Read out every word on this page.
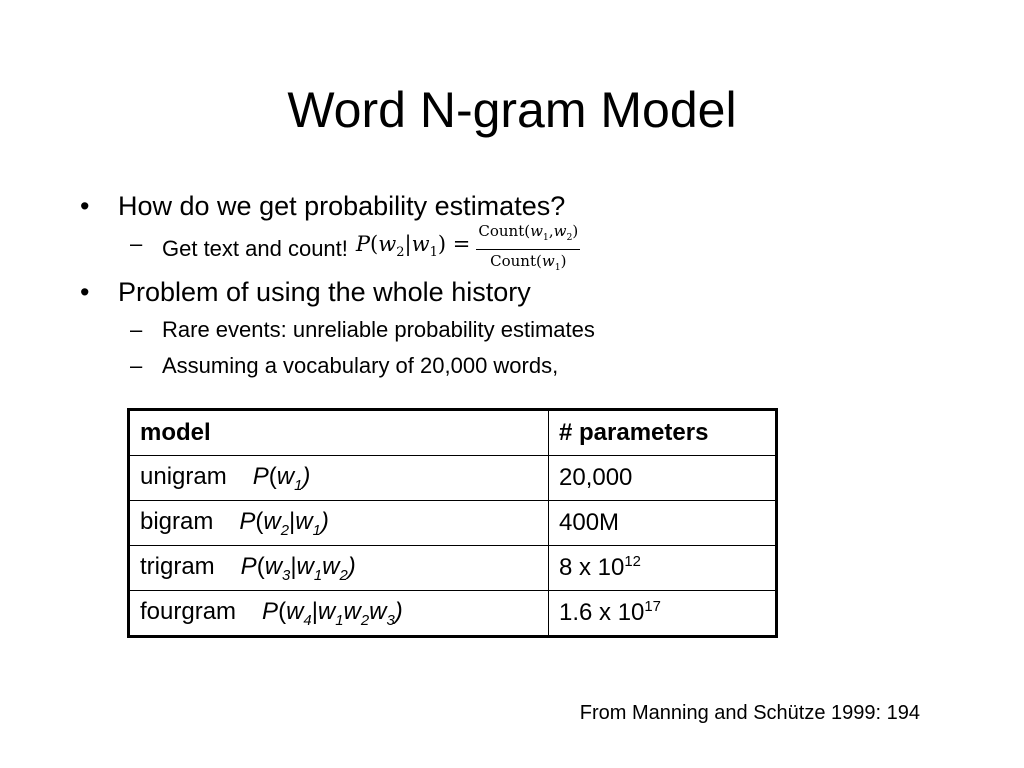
Word N-gram Model
• How do we get probability estimates?
– Get text and count! $P(w_2|w_1) = \frac{Count(w_1,w_2)}{Count(w_1)}$
• Problem of using the whole history
– Rare events: unreliable probability estimates
– Assuming a vocabulary of 20,000 words,
model	# parameters
unigram $P(w_1)$	20,000
bigram $P(w_2|w_1)$	400M
trigram $P(w_3|w_1w_2)$	8 x $10^{12}$
fourgram $P(w_4|w_1w_2w_3)$	1.6 x $10^{17}$
From Manning and Schütze 1999: 194
